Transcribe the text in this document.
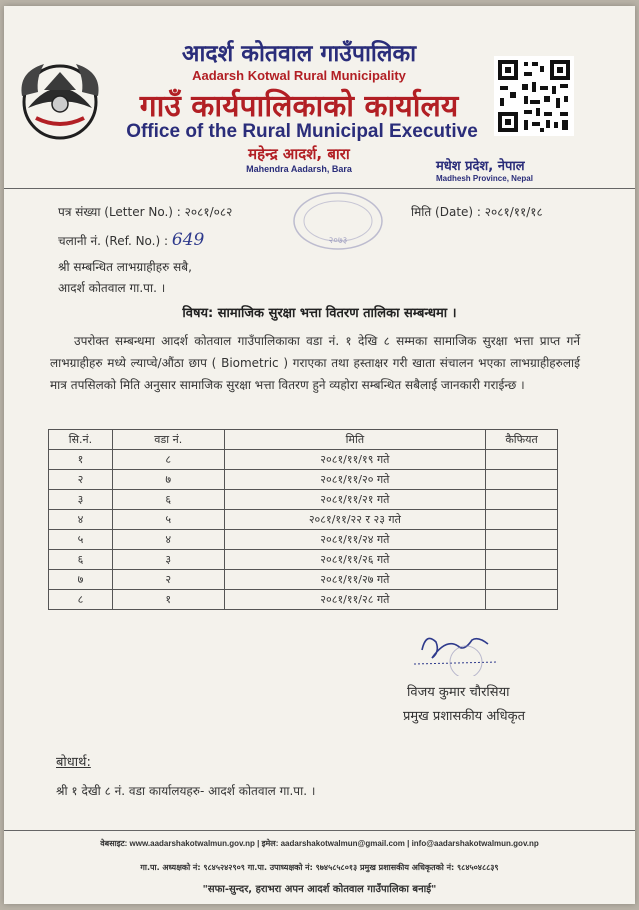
आदर्श कोतवाल गाउँपालिका
Aadarsh Kotwal Rural Municipality
गाउँ कार्यपालिकाको कार्यालय
Office of the Rural Municipal Executive
महेन्द्र आदर्श, बारा
Mahendra Aadarsh, Bara	मधेश प्रदेश, नेपाल
Madhesh Province, Nepal
पत्र संख्या (Letter No.) : २०८१/०८२	मिति (Date) : २०८१/११/१८
चलानी नं. (Ref. No.) : 649	२०७३
श्री सम्बन्धित लाभग्राहीहरु सबै,
आदर्श कोतवाल गा.पा. ।
विषय: सामाजिक सुरक्षा भत्ता वितरण तालिका सम्बन्धमा ।
उपरोक्त सम्बन्धमा आदर्श कोतवाल गाउँपालिकाका वडा नं. १ देखि ८ सम्मका सामाजिक सुरक्षा भत्ता प्राप्त गर्ने लाभग्राहीहरु मध्ये ल्याप्चे/औंठा छाप ( Biometric ) गराएका तथा हस्ताक्षर गरी खाता संचालन भएका लाभग्राहीहरुलाई मात्र तपसिलको मिति अनुसार सामाजिक सुरक्षा भत्ता वितरण हुने व्यहोरा सम्बन्धित सबैलाई जानकारी गराईन्छ ।
सि.नं.	वडा नं.	मिति	कैफियत
१	८	२०८१/११/१९ गते	
२	७	२०८१/११/२० गते	
३	६	२०८१/११/२१ गते	
४	५	२०८१/११/२२ र २३ गते	
५	४	२०८१/११/२४ गते	
६	३	२०८१/११/२६ गते	
७	२	२०८१/११/२७ गते	
८	१	२०८१/११/२८ गते	
विजय कुमार चौरसिया
प्रमुख प्रशासकीय अधिकृत
बोधार्थ:
श्री १ देखी ८ नं. वडा कार्यालयहरु- आदर्श कोतवाल गा.पा. ।
वेबसाइट: www.aadarshakotwalmun.gov.np | इमेल: aadarshakotwalmun@gmail.com | info@aadarshakotwalmun.gov.np
गा.पा. अध्यक्षको नं: ९८४५२४२९०९ गा.पा. उपाध्यक्षको नं: ९७४५८५८०१३ प्रमुख प्रशासकीय अधिकृतको नं: ९८४५०४८८३९
"सफा-सुन्दर, हराभरा अपन आदर्श कोतवाल गाउँपालिका बनाई"
